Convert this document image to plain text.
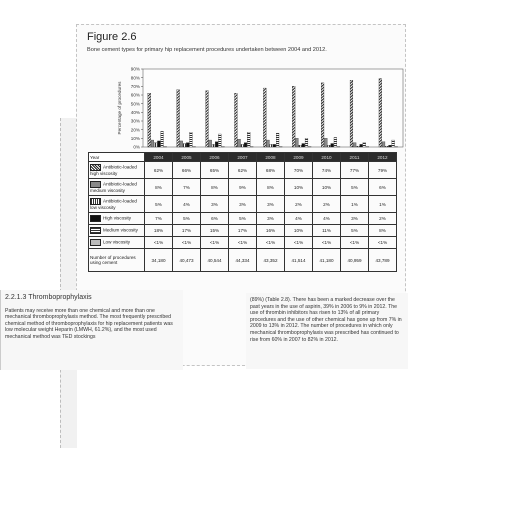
Figure 2.6
Bone cement types for primary hip replacement procedures undertaken between 2004 and 2012.
0%
10%
20%
30%
40%
50%
60%
70%
80%
90%
Percentage of procedures
Year	2004	2005	2006	2007	2008	2009	2010	2011	2012
Antibiotic-loaded high viscosity	62%	66%	65%	62%	68%	70%	74%	77%	79%
Antibiotic-loaded medium viscosity	8%	7%	8%	9%	8%	10%	10%	5%	6%
Antibiotic-loaded low viscosity	5%	4%	3%	3%	3%	2%	2%	1%	1%
High viscosity	7%	5%	6%	5%	3%	4%	4%	3%	2%
Medium viscosity	18%	17%	15%	17%	16%	10%	11%	5%	8%
Low viscosity	<1%	<1%	<1%	<1%	<1%	<1%	<1%	<1%	<1%
Number of procedures using cement	34,180	40,473	40,544	44,334	43,352	41,514	41,180	40,959	43,789
2.2.1.3 Thromboprophylaxis

Patients may receive more than one chemical and more than one mechanical thromboprophylaxis method. The most frequently prescribed chemical method of thromboprophylaxis for hip replacement patients was low molecular weight Heparin (LMWH, 61.2%), and the most used mechanical method was TED stockings

(89%) (Table 2.8). There has been a marked decrease over the past years in the use of aspirin, 39% in 2006 to 9% in 2012. The use of thrombin inhibitors has risen to 13% of all primary procedures and the use of other chemical has gone up from 7% in 2009 to 13% in 2012. The number of procedures in which only mechanical thromboprophylaxis was prescribed has continued to rise from 60% in 2007 to 82% in 2012.
